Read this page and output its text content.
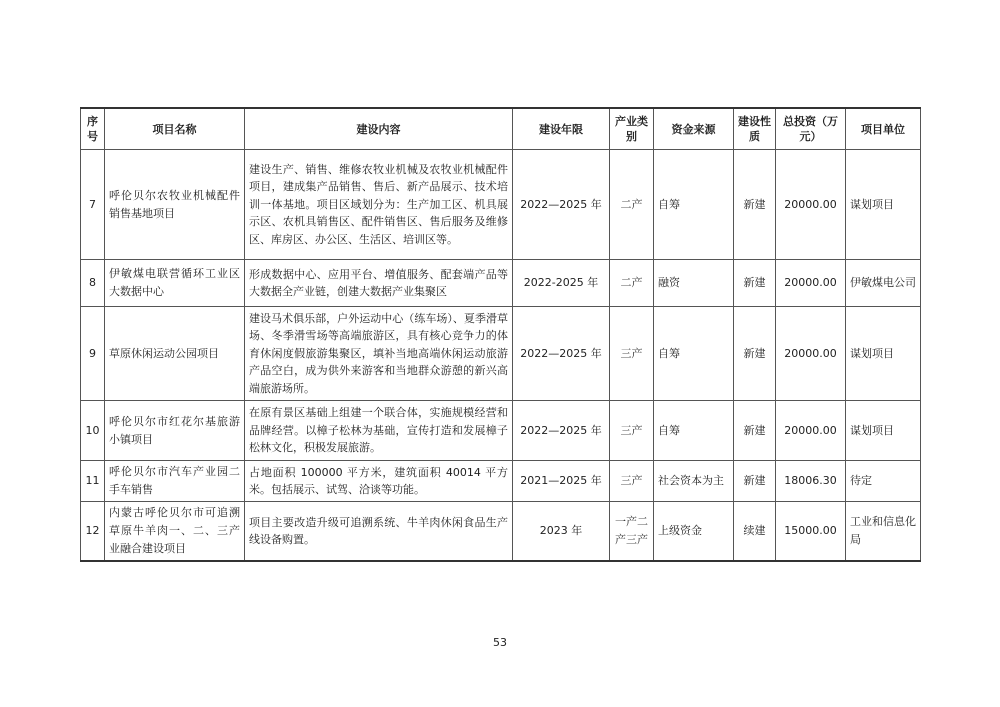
序号	项目名称	建设内容	建设年限	产业类别	资金来源	建设性质	总投资（万元）	项目单位
7	呼伦贝尔农牧业机械配件销售基地项目	建设生产、销售、维修农牧业机械及农牧业机械配件项目，建成集产品销售、售后、新产品展示、技术培训一体基地。项目区域划分为：生产加工区、机具展示区、农机具销售区、配件销售区、售后服务及维修区、库房区、办公区、生活区、培训区等。	2022—2025 年	二产	自筹	新建	20000.00	谋划项目
8	伊敏煤电联营循环工业区大数据中心	形成数据中心、应用平台、增值服务、配套端产品等大数据全产业链，创建大数据产业集聚区	2022-2025 年	二产	融资	新建	20000.00	伊敏煤电公司
9	草原休闲运动公园项目	建设马术俱乐部，户外运动中心（练车场）、夏季滑草场、冬季滑雪场等高端旅游区，具有核心竞争力的体育休闲度假旅游集聚区，填补当地高端休闲运动旅游产品空白，成为供外来游客和当地群众游憩的新兴高端旅游场所。	2022—2025 年	三产	自筹	新建	20000.00	谋划项目
10	呼伦贝尔市红花尔基旅游小镇项目	在原有景区基础上组建一个联合体，实施规模经营和品牌经营。以樟子松林为基础，宣传打造和发展樟子松林文化，积极发展旅游。	2022—2025 年	三产	自筹	新建	20000.00	谋划项目
11	呼伦贝尔市汽车产业园二手车销售	占地面积 100000 平方米，建筑面积 40014 平方米。包括展示、试驾、洽谈等功能。	2021—2025 年	三产	社会资本为主	新建	18006.30	待定
12	内蒙古呼伦贝尔市可追溯草原牛羊肉一、二、三产业融合建设项目	项目主要改造升级可追溯系统、牛羊肉休闲食品生产线设备购置。	2023 年	一产二产三产	上级资金	续建	15000.00	工业和信息化局
53
